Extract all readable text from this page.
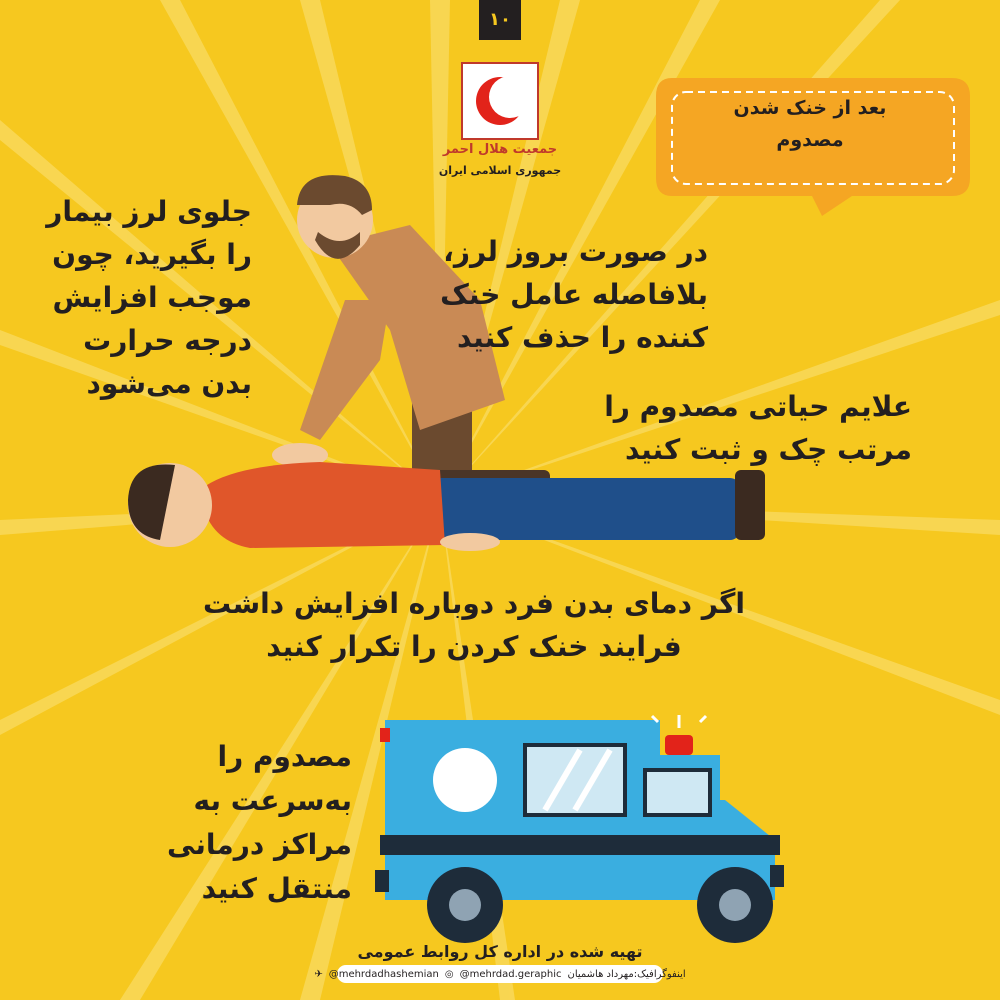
۱۰
جمعیت هلال احمر
جمهوری اسلامی ایران
بعد از خنک شدن
مصدوم
جلوی لرز بیمار
را بگیرید، چون
موجب افزایش
درجه حرارت
بدن می‌شود
در صورت بروز لرز،
بلافاصله عامل خنک
کننده را حذف کنید
علایم حیاتی مصدوم را
مرتب چک و ثبت کنید
اگر دمای بدن فرد دوباره افزایش داشت
فرایند خنک کردن را تکرار کنید
مصدوم را
به‌سرعت به
مراکز درمانی
منتقل کنید
تهیه شده در اداره کل روابط عمومی
✈ @mehrdadhashemian ◎ @mehrdad.geraphic اینفوگرافیک:مهرداد هاشمیان
